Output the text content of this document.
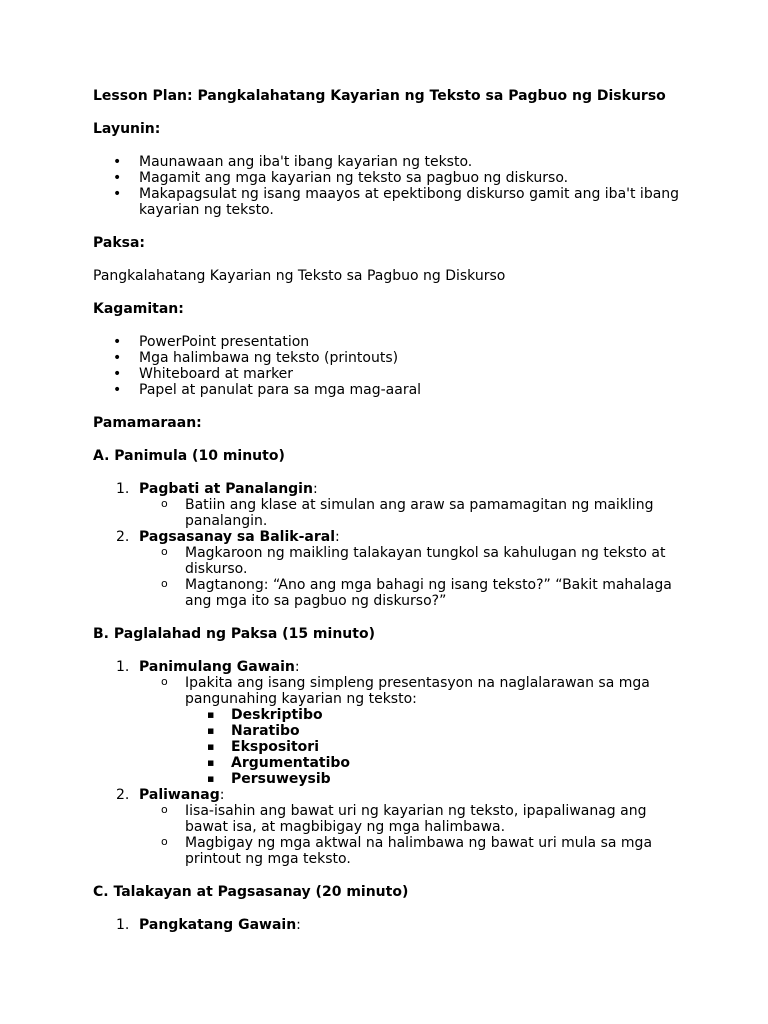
Lesson Plan: Pangkalahatang Kayarian ng Teksto sa Pagbuo ng Diskurso
Layunin:
• Maunawaan ang iba't ibang kayarian ng teksto.
• Magamit ang mga kayarian ng teksto sa pagbuo ng diskurso.
• Makapagsulat ng isang maayos at epektibong diskurso gamit ang iba't ibang kayarian ng teksto.
Paksa:

Pangkalahatang Kayarian ng Teksto sa Pagbuo ng Diskurso

Kagamitan:
• PowerPoint presentation
• Mga halimbawa ng teksto (printouts)
• Whiteboard at marker
• Papel at panulat para sa mga mag-aaral
Pamamaraan:
A. Panimula (10 minuto)
1. Pagbati at Panalangin:
o Batiin ang klase at simulan ang araw sa pamamagitan ng maikling panalangin.
2. Pagsasanay sa Balik-aral:
o Magkaroon ng maikling talakayan tungkol sa kahulugan ng teksto at diskurso.
o Magtanong: “Ano ang mga bahagi ng isang teksto?” “Bakit mahalaga ang mga ito sa pagbuo ng diskurso?”
B. Paglalahad ng Paksa (15 minuto)
1. Panimulang Gawain:
o Ipakita ang isang simpleng presentasyon na naglalarawan sa mga pangunahing kayarian ng teksto:
▪ Deskriptibo
▪ Naratibo
▪ Ekspositori
▪ Argumentatibo
▪ Persuweysib
2. Paliwanag:
o Iisa-isahin ang bawat uri ng kayarian ng teksto, ipapaliwanag ang bawat isa, at magbibigay ng mga halimbawa.
o Magbigay ng mga aktwal na halimbawa ng bawat uri mula sa mga printout ng mga teksto.
C. Talakayan at Pagsasanay (20 minuto)
1. Pangkatang Gawain:
